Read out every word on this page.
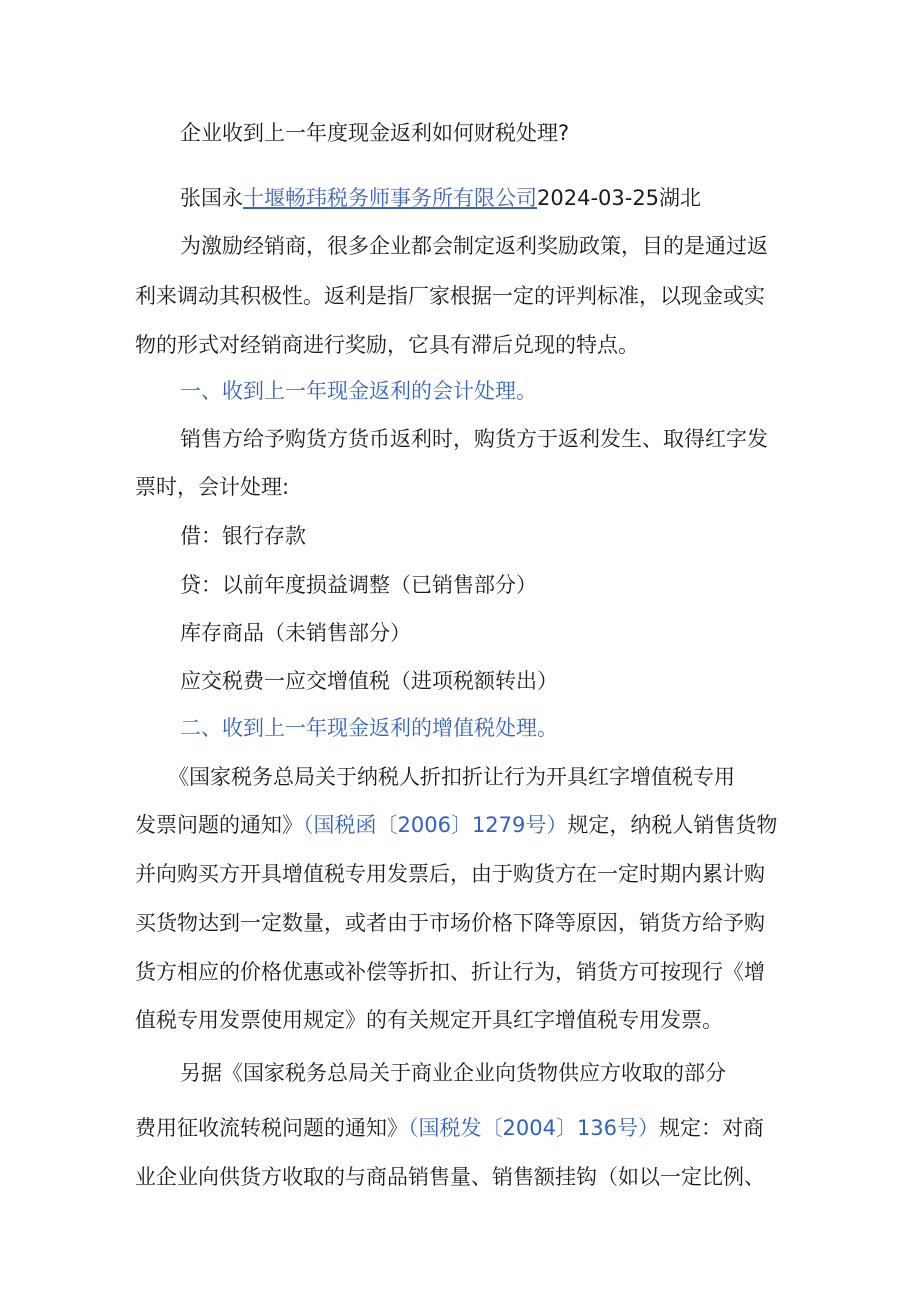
企业收到上一年度现金返利如何财税处理?

张国永十堰畅玮税务师事务所有限公司2024-03-25湖北

为激励经销商，很多企业都会制定返利奖励政策，目的是通过返

利来调动其积极性。返利是指厂家根据一定的评判标准，以现金或实

物的形式对经销商进行奖励，它具有滞后兑现的特点。

一、收到上一年现金返利的会计处理。

销售方给予购货方货币返利时，购货方于返利发生、取得红字发

票时，会计处理:

借：银行存款

贷：以前年度损益调整（已销售部分）

库存商品（未销售部分）

应交税费一应交增值税（进项税额转出）

二、收到上一年现金返利的增值税处理。

《国家税务总局关于纳税人折扣折让行为开具红字增值税专用

发票问题的通知》（国税函〔2006〕1279号）规定，纳税人销售货物

并向购买方开具增值税专用发票后，由于购货方在一定时期内累计购

买货物达到一定数量，或者由于市场价格下降等原因，销货方给予购

货方相应的价格优惠或补偿等折扣、折让行为，销货方可按现行《增

值税专用发票使用规定》的有关规定开具红字增值税专用发票。

另据《国家税务总局关于商业企业向货物供应方收取的部分

费用征收流转税问题的通知》（国税发〔2004〕136号）规定：对商

业企业向供货方收取的与商品销售量、销售额挂钩（如以一定比例、
